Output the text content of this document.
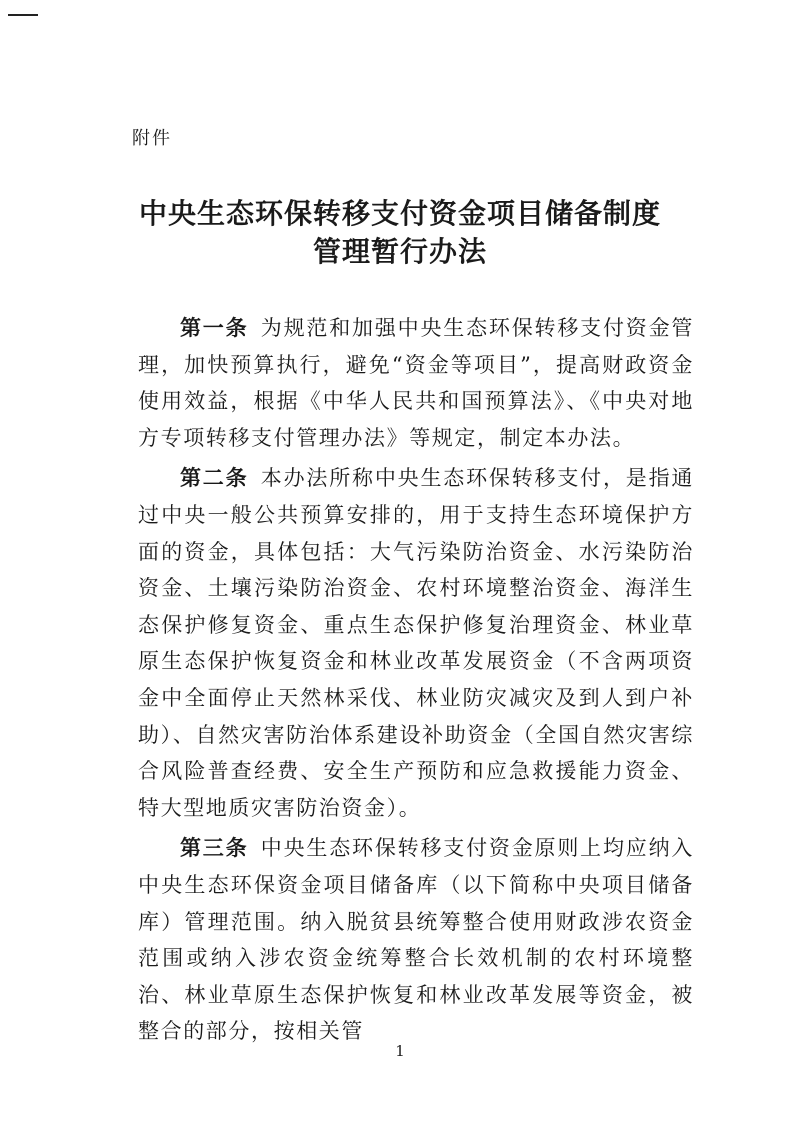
附件
中央生态环保转移支付资金项目储备制度
管理暂行办法

第一条  为规范和加强中央生态环保转移支付资金管理，加快预算执行，避免“资金等项目”，提高财政资金使用效益，根据《中华人民共和国预算法》、《中央对地方专项转移支付管理办法》等规定，制定本办法。

第二条  本办法所称中央生态环保转移支付，是指通过中央一般公共预算安排的，用于支持生态环境保护方面的资金，具体包括：大气污染防治资金、水污染防治资金、土壤污染防治资金、农村环境整治资金、海洋生态保护修复资金、重点生态保护修复治理资金、林业草原生态保护恢复资金和林业改革发展资金（不含两项资金中全面停止天然林采伐、林业防灾减灾及到人到户补助）、自然灾害防治体系建设补助资金（全国自然灾害综合风险普查经费、安全生产预防和应急救援能力资金、特大型地质灾害防治资金）。

第三条  中央生态环保转移支付资金原则上均应纳入中央生态环保资金项目储备库（以下简称中央项目储备库）管理范围。纳入脱贫县统筹整合使用财政涉农资金范围或纳入涉农资金统筹整合长效机制的农村环境整治、林业草原生态保护恢复和林业改革发展等资金，被整合的部分，按相关管

1
